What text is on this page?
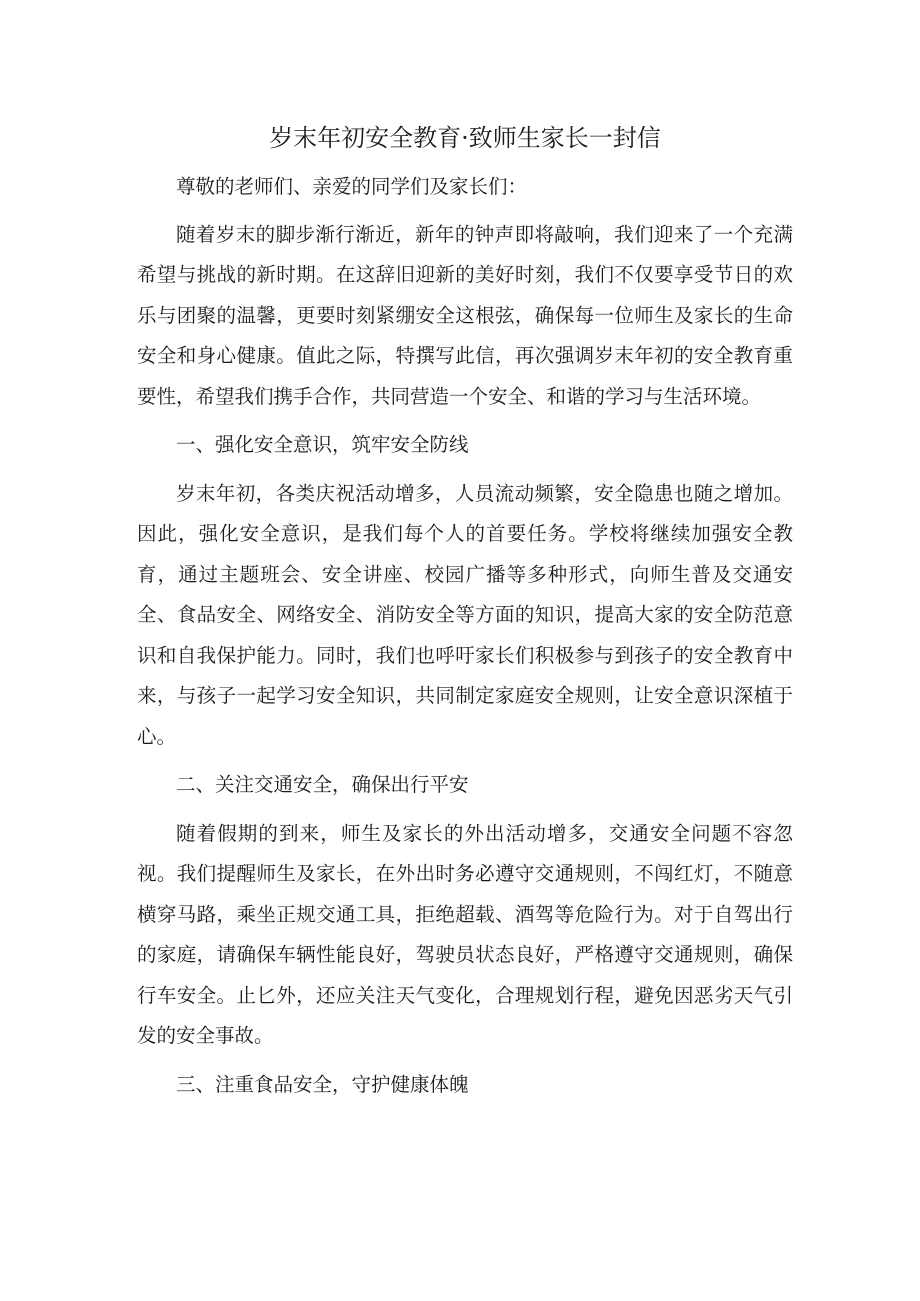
岁末年初安全教育·致师生家长一封信

尊敬的老师们、亲爱的同学们及家长们：

随着岁末的脚步渐行渐近，新年的钟声即将敲响，我们迎来了一个充满希望与挑战的新时期。在这辞旧迎新的美好时刻，我们不仅要享受节日的欢乐与团聚的温馨，更要时刻紧绷安全这根弦，确保每一位师生及家长的生命安全和身心健康。值此之际，特撰写此信，再次强调岁末年初的安全教育重要性，希望我们携手合作，共同营造一个安全、和谐的学习与生活环境。

一、强化安全意识，筑牢安全防线

岁末年初，各类庆祝活动增多，人员流动频繁，安全隐患也随之增加。因此，强化安全意识，是我们每个人的首要任务。学校将继续加强安全教育，通过主题班会、安全讲座、校园广播等多种形式，向师生普及交通安全、食品安全、网络安全、消防安全等方面的知识，提高大家的安全防范意识和自我保护能力。同时，我们也呼吁家长们积极参与到孩子的安全教育中来，与孩子一起学习安全知识，共同制定家庭安全规则，让安全意识深植于心。

二、关注交通安全，确保出行平安

随着假期的到来，师生及家长的外出活动增多，交通安全问题不容忽视。我们提醒师生及家长，在外出时务必遵守交通规则，不闯红灯，不随意横穿马路，乘坐正规交通工具，拒绝超载、酒驾等危险行为。对于自驾出行的家庭，请确保车辆性能良好，驾驶员状态良好，严格遵守交通规则，确保行车安全。止匕外，还应关注天气变化，合理规划行程，避免因恶劣天气引发的安全事故。

三、注重食品安全，守护健康体魄
